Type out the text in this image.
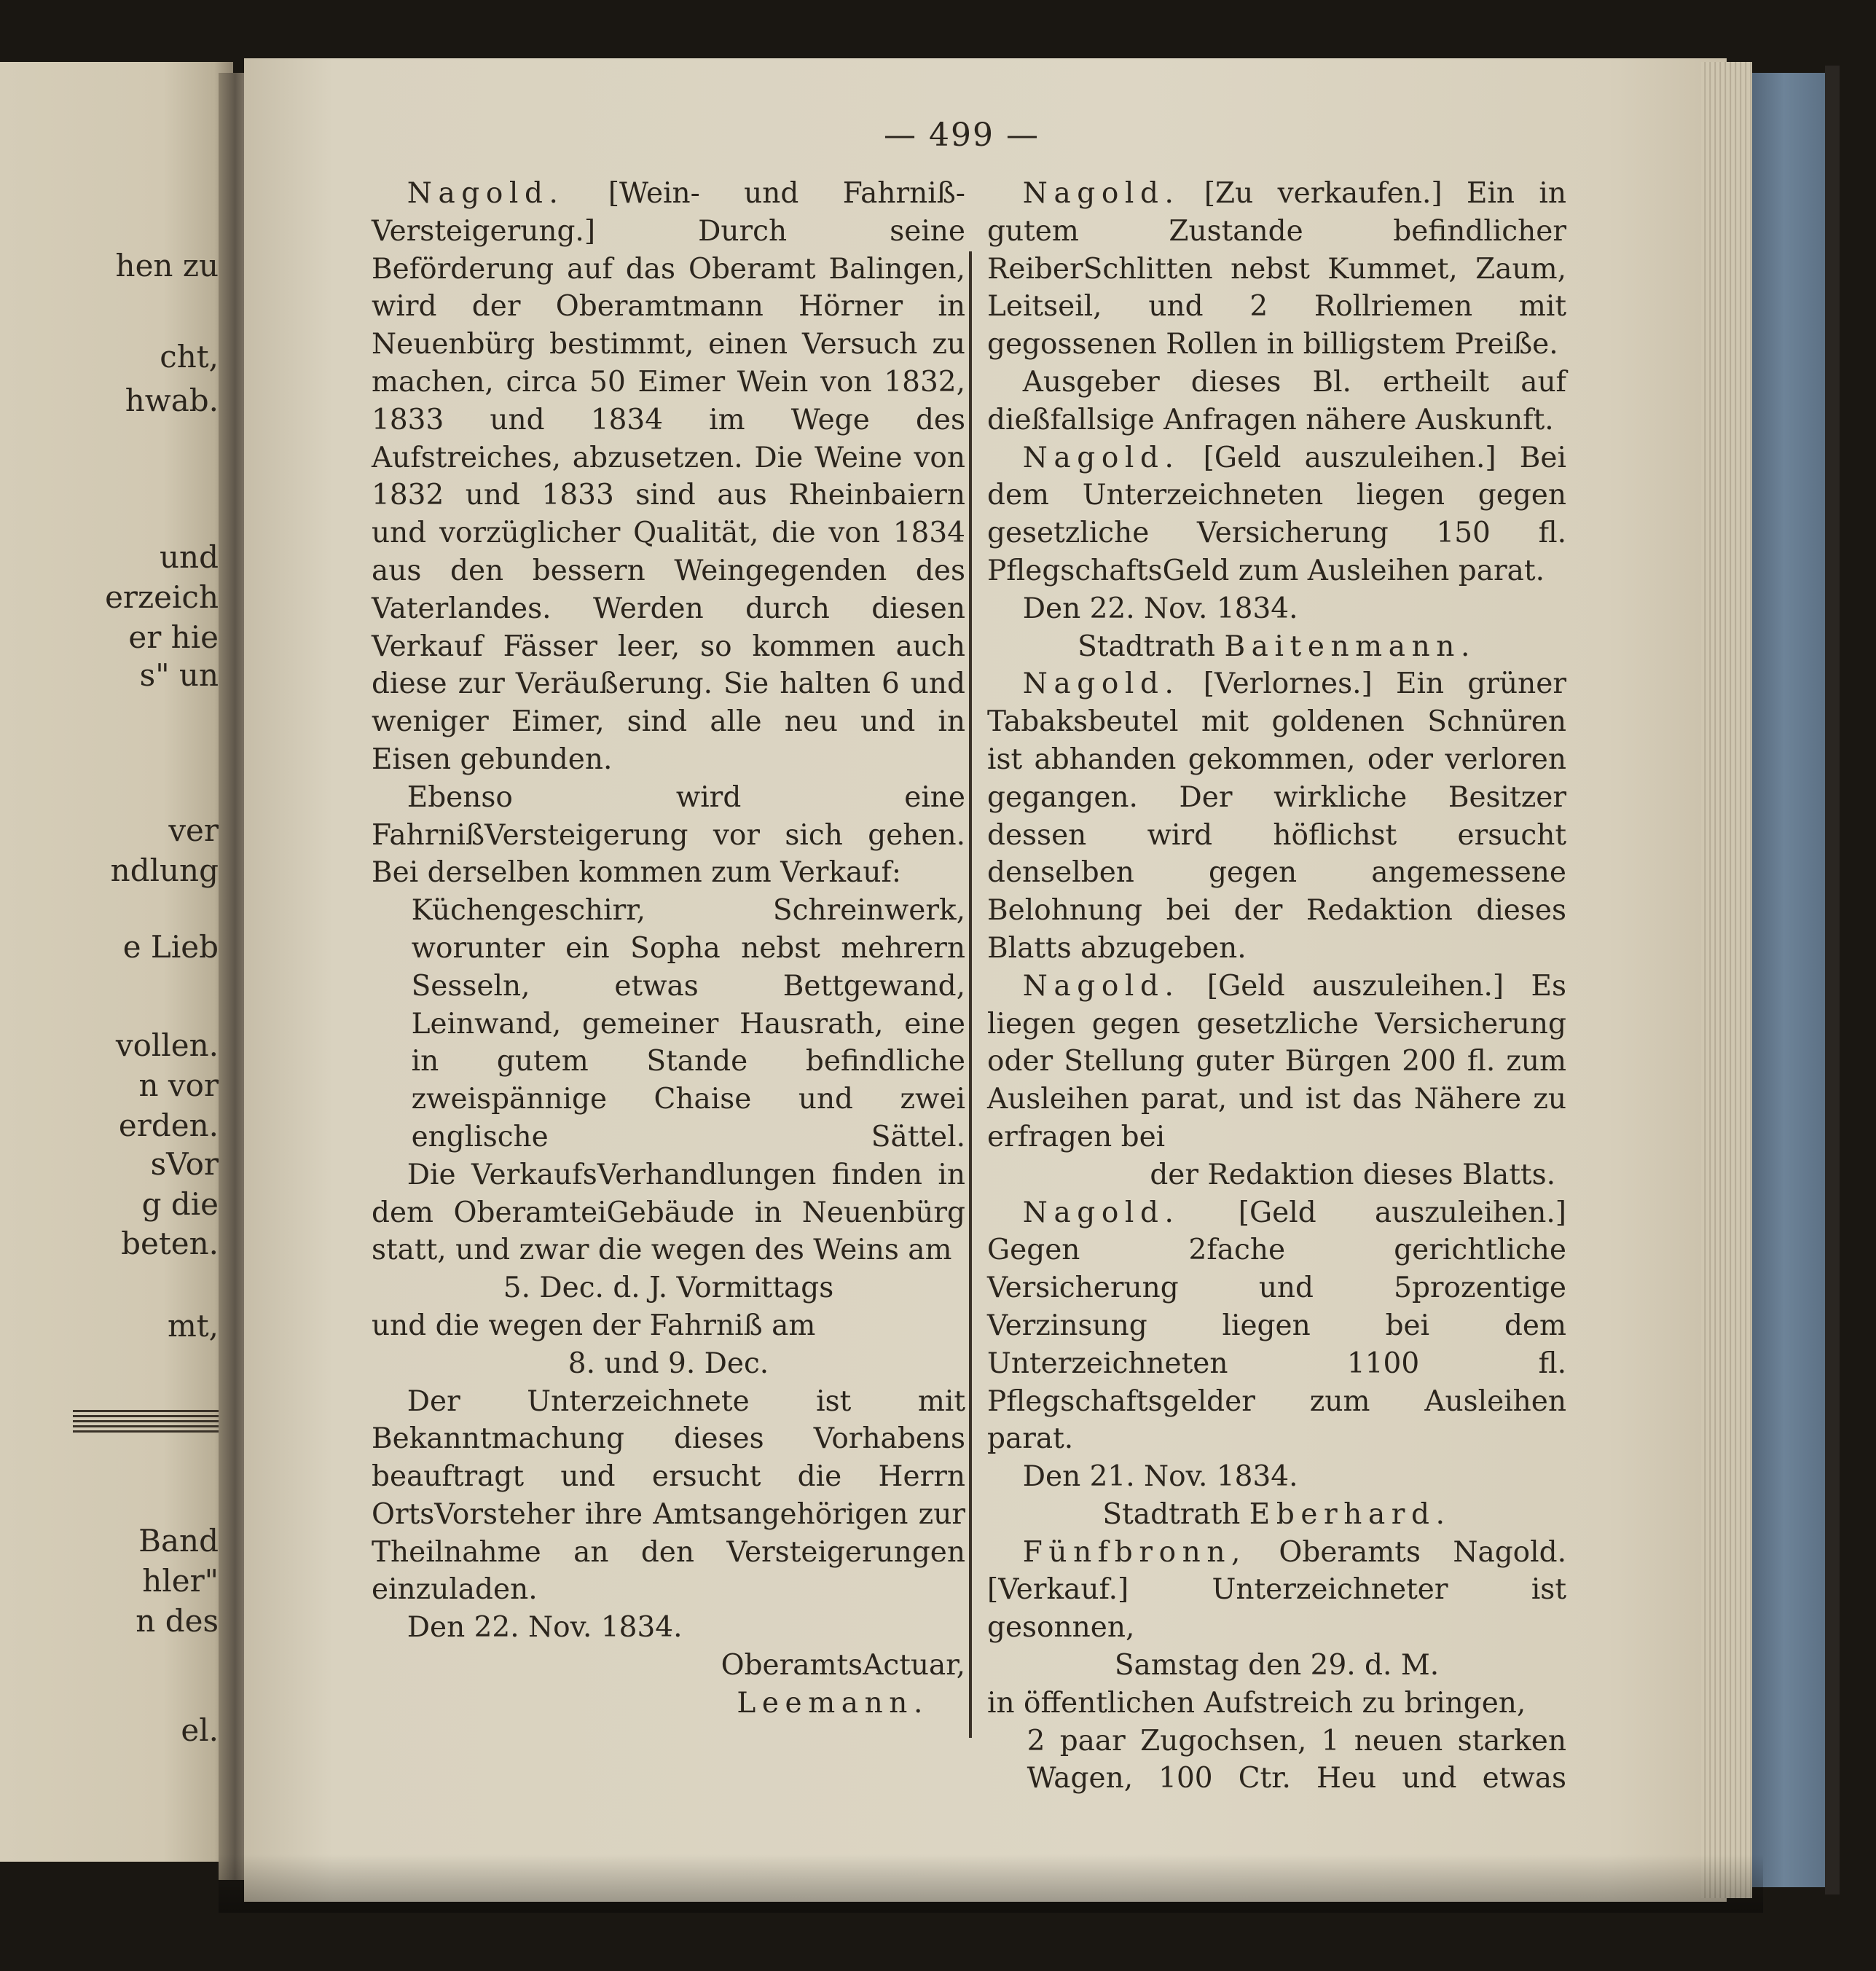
hen zu
cht,
hwab.
und
erzeich
er hie
s" un
ver
ndlung
e Lieb
vollen.
n vor
erden.
sVor
g die
beten.
mt,
Band
hler"
n des
el.
— 499 —

Nagold. [Wein- und Fahrniß-Versteigerung.] Durch seine Beförderung auf das Oberamt Balingen, wird der Oberamtmann Hörner in Neuenbürg bestimmt, einen Versuch zu machen, circa 50 Eimer Wein von 1832, 1833 und 1834 im Wege des Aufstreiches, abzusetzen. Die Weine von 1832 und 1833 sind aus Rheinbaiern und vorzüglicher Qualität, die von 1834 aus den bessern Weingegenden des Vaterlandes. Werden durch diesen Verkauf Fässer leer, so kommen auch diese zur Veräußerung. Sie halten 6 und weniger Eimer, sind alle neu und in Eisen gebunden.

Ebenso wird eine FahrnißVersteigerung vor sich gehen. Bei derselben kommen zum Verkauf:

Küchengeschirr, Schreinwerk, worunter ein Sopha nebst mehrern Sesseln, etwas Bettgewand, Leinwand, gemeiner Hausrath, eine in gutem Stande befindliche zweispännige Chaise und zwei englische Sättel.

Die VerkaufsVerhandlungen finden in dem OberamteiGebäude in Neuenbürg statt, und zwar die wegen des Weins am

5. Dec. d. J. Vormittags

und die wegen der Fahrniß am

8. und 9. Dec.

Der Unterzeichnete ist mit Bekanntmachung dieses Vorhabens beauftragt und ersucht die Herrn OrtsVorsteher ihre Amtsangehörigen zur Theilnahme an den Versteigerungen einzuladen.

Den 22. Nov. 1834.

OberamtsActuar,

Leemann.

Nagold. [Zu verkaufen.] Ein in gutem Zustande befindlicher ReiberSchlitten nebst Kummet, Zaum, Leitseil, und 2 Rollriemen mit gegossenen Rollen in billigstem Preiße.

Ausgeber dieses Bl. ertheilt auf dießfallsige Anfragen nähere Auskunft.

Nagold. [Geld auszuleihen.] Bei dem Unterzeichneten liegen gegen gesetzliche Versicherung 150 fl. PflegschaftsGeld zum Ausleihen parat.

Den 22. Nov. 1834.

Stadtrath Baitenmann.

Nagold. [Verlornes.] Ein grüner Tabaksbeutel mit goldenen Schnüren ist abhanden gekommen, oder verloren gegangen. Der wirkliche Besitzer dessen wird höflichst ersucht denselben gegen angemessene Belohnung bei der Redaktion dieses Blatts abzugeben.

Nagold. [Geld auszuleihen.] Es liegen gegen gesetzliche Versicherung oder Stellung guter Bürgen 200 fl. zum Ausleihen parat, und ist das Nähere zu erfragen bei

der Redaktion dieses Blatts.

Nagold. [Geld auszuleihen.] Gegen 2fache gerichtliche Versicherung und 5prozentige Verzinsung liegen bei dem Unterzeichneten 1100 fl. Pflegschaftsgelder zum Ausleihen parat.

Den 21. Nov. 1834.

Stadtrath Eberhard.

Fünfbronn, Oberamts Nagold. [Verkauf.] Unterzeichneter ist gesonnen,

Samstag den 29. d. M.

in öffentlichen Aufstreich zu bringen,

2 paar Zugochsen, 1 neuen starken Wagen, 100 Ctr. Heu und etwas
